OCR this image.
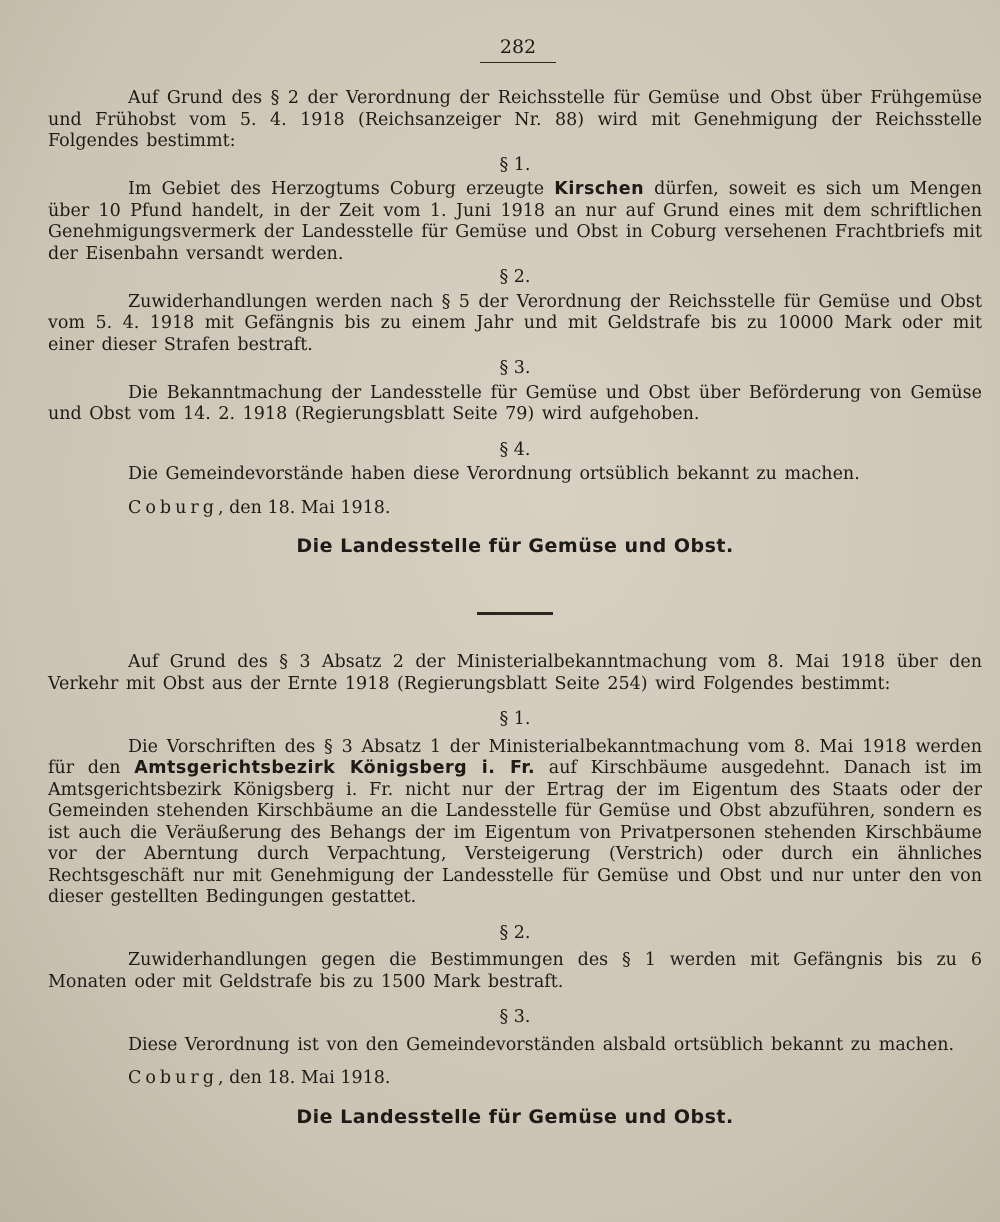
282

Auf Grund des § 2 der Verordnung der Reichsstelle für Gemüse und Obst über Frühgemüse und Frühobst vom 5. 4. 1918 (Reichsanzeiger Nr. 88) wird mit Genehmigung der Reichsstelle Folgendes bestimmt:

§ 1.

Im Gebiet des Herzogtums Coburg erzeugte Kirschen dürfen, soweit es sich um Mengen über 10 Pfund handelt, in der Zeit vom 1. Juni 1918 an nur auf Grund eines mit dem schriftlichen Genehmigungsvermerk der Landesstelle für Gemüse und Obst in Coburg versehenen Frachtbriefs mit der Eisenbahn versandt werden.

§ 2.

Zuwiderhandlungen werden nach § 5 der Verordnung der Reichsstelle für Gemüse und Obst vom 5. 4. 1918 mit Gefängnis bis zu einem Jahr und mit Geldstrafe bis zu 10000 Mark oder mit einer dieser Strafen bestraft.

§ 3.

Die Bekanntmachung der Landesstelle für Gemüse und Obst über Beförderung von Gemüse und Obst vom 14. 2. 1918 (Regierungsblatt Seite 79) wird aufgehoben.

§ 4.

Die Gemeindevorstände haben diese Verordnung ortsüblich bekannt zu machen.

Coburg, den 18. Mai 1918.
Die Landesstelle für Gemüse und Obst.

Auf Grund des § 3 Absatz 2 der Ministerialbekanntmachung vom 8. Mai 1918 über den Verkehr mit Obst aus der Ernte 1918 (Regierungsblatt Seite 254) wird Folgendes bestimmt:

§ 1.

Die Vorschriften des § 3 Absatz 1 der Ministerialbekanntmachung vom 8. Mai 1918 werden für den Amtsgerichtsbezirk Königsberg i. Fr. auf Kirschbäume ausgedehnt. Danach ist im Amtsgerichtsbezirk Königsberg i. Fr. nicht nur der Ertrag der im Eigentum des Staats oder der Gemeinden stehenden Kirschbäume an die Landesstelle für Gemüse und Obst abzuführen, sondern es ist auch die Veräußerung des Behangs der im Eigentum von Privatpersonen stehenden Kirschbäume vor der Aberntung durch Verpachtung, Versteigerung (Verstrich) oder durch ein ähnliches Rechtsgeschäft nur mit Genehmigung der Landesstelle für Gemüse und Obst und nur unter den von dieser gestellten Bedingungen gestattet.

§ 2.

Zuwiderhandlungen gegen die Bestimmungen des § 1 werden mit Gefängnis bis zu 6 Monaten oder mit Geldstrafe bis zu 1500 Mark bestraft.

§ 3.

Diese Verordnung ist von den Gemeindevorständen alsbald ortsüblich bekannt zu machen.

Coburg, den 18. Mai 1918.
Die Landesstelle für Gemüse und Obst.
